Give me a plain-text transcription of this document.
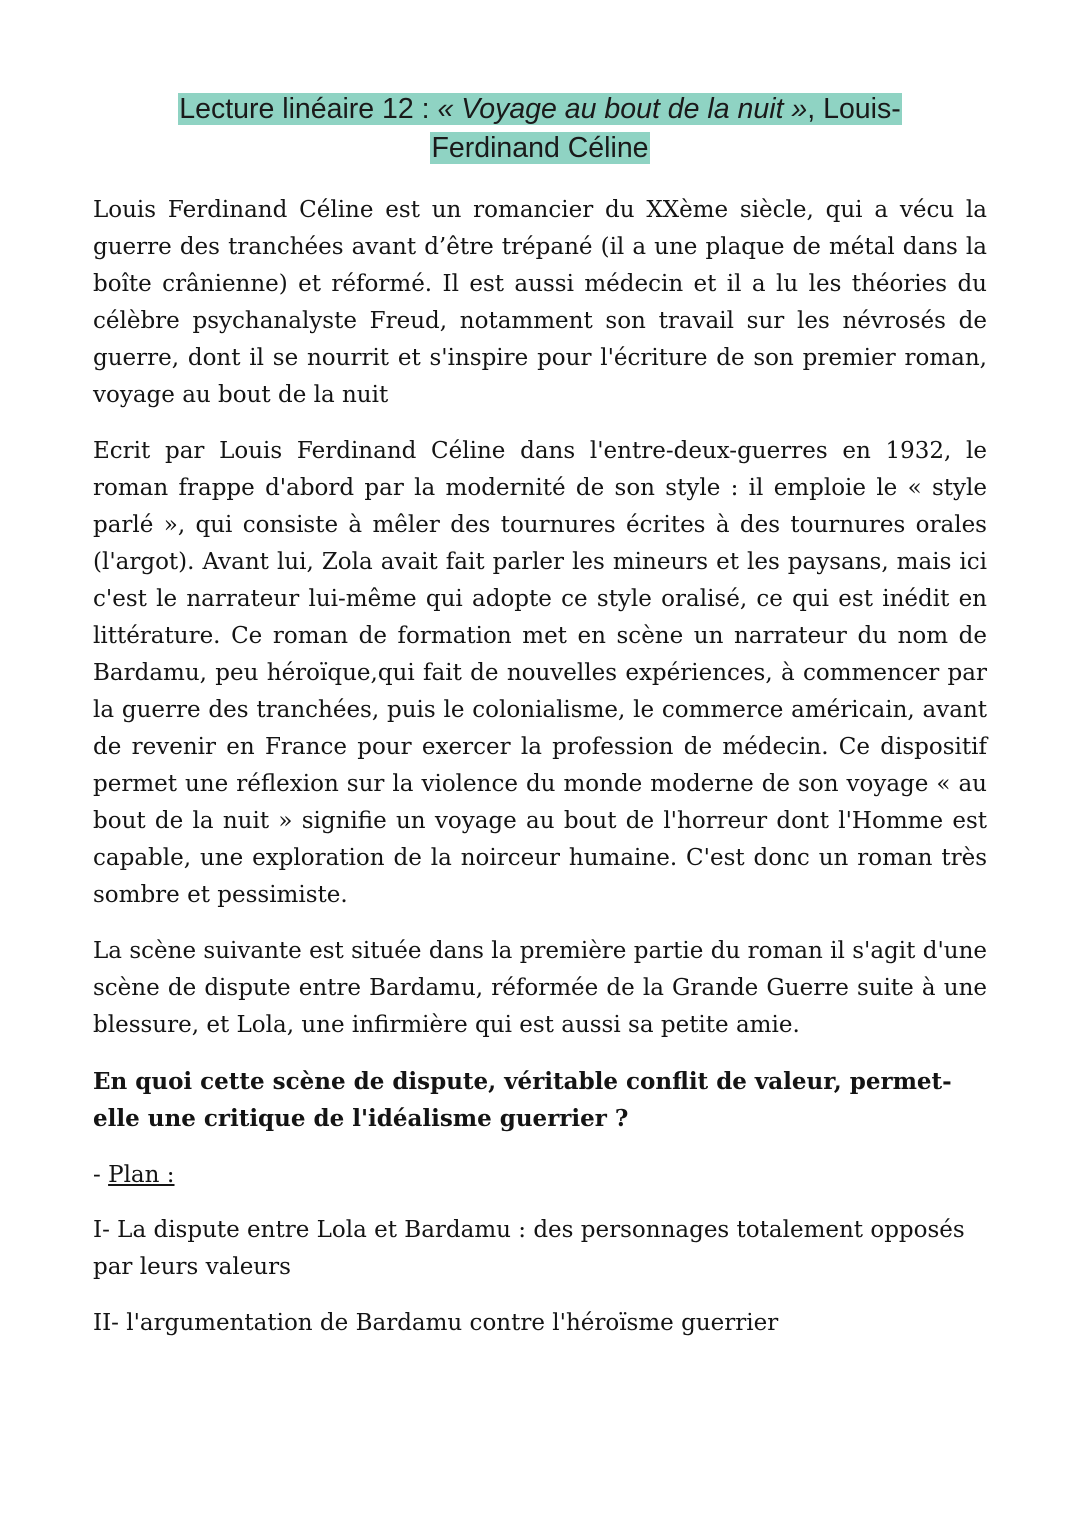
Lecture linéaire 12 : « Voyage au bout de la nuit », Louis-Ferdinand Céline

Louis Ferdinand Céline est un romancier du XXème siècle, qui a vécu la guerre des tranchées avant d’être trépané (il a une plaque de métal dans la boîte crânienne) et réformé. Il est aussi médecin et il a lu les théories du célèbre psychanalyste Freud, notamment son travail sur les névrosés de guerre, dont il se nourrit et s'inspire pour l'écriture de son premier roman, voyage au bout de la nuit

Ecrit par Louis Ferdinand Céline dans l'entre-deux-guerres en 1932, le roman frappe d'abord par la modernité de son style : il emploie le « style parlé », qui consiste à mêler des tournures écrites à des tournures orales (l'argot). Avant lui, Zola avait fait parler les mineurs et les paysans, mais ici c'est le narrateur lui-même qui adopte ce style oralisé, ce qui est inédit en littérature. Ce roman de formation met en scène un narrateur du nom de Bardamu, peu héroïque,qui fait de nouvelles expériences, à commencer par la guerre des tranchées, puis le colonialisme, le commerce américain, avant de revenir en France pour exercer la profession de médecin. Ce dispositif permet une réflexion sur la violence du monde moderne de son voyage « au bout de la nuit » signifie un voyage au bout de l'horreur dont l'Homme est capable, une exploration de la noirceur humaine. C'est donc un roman très sombre et pessimiste.

La scène suivante est située dans la première partie du roman il s'agit d'une scène de dispute entre Bardamu, réformée de la Grande Guerre suite à une blessure, et Lola, une infirmière qui est aussi sa petite amie.

En quoi cette scène de dispute, véritable conflit de valeur, permet-elle une critique de l'idéalisme guerrier ?

- Plan :

I- La dispute entre Lola et Bardamu : des personnages totalement opposés par leurs valeurs

II- l'argumentation de Bardamu contre l'héroïsme guerrier
